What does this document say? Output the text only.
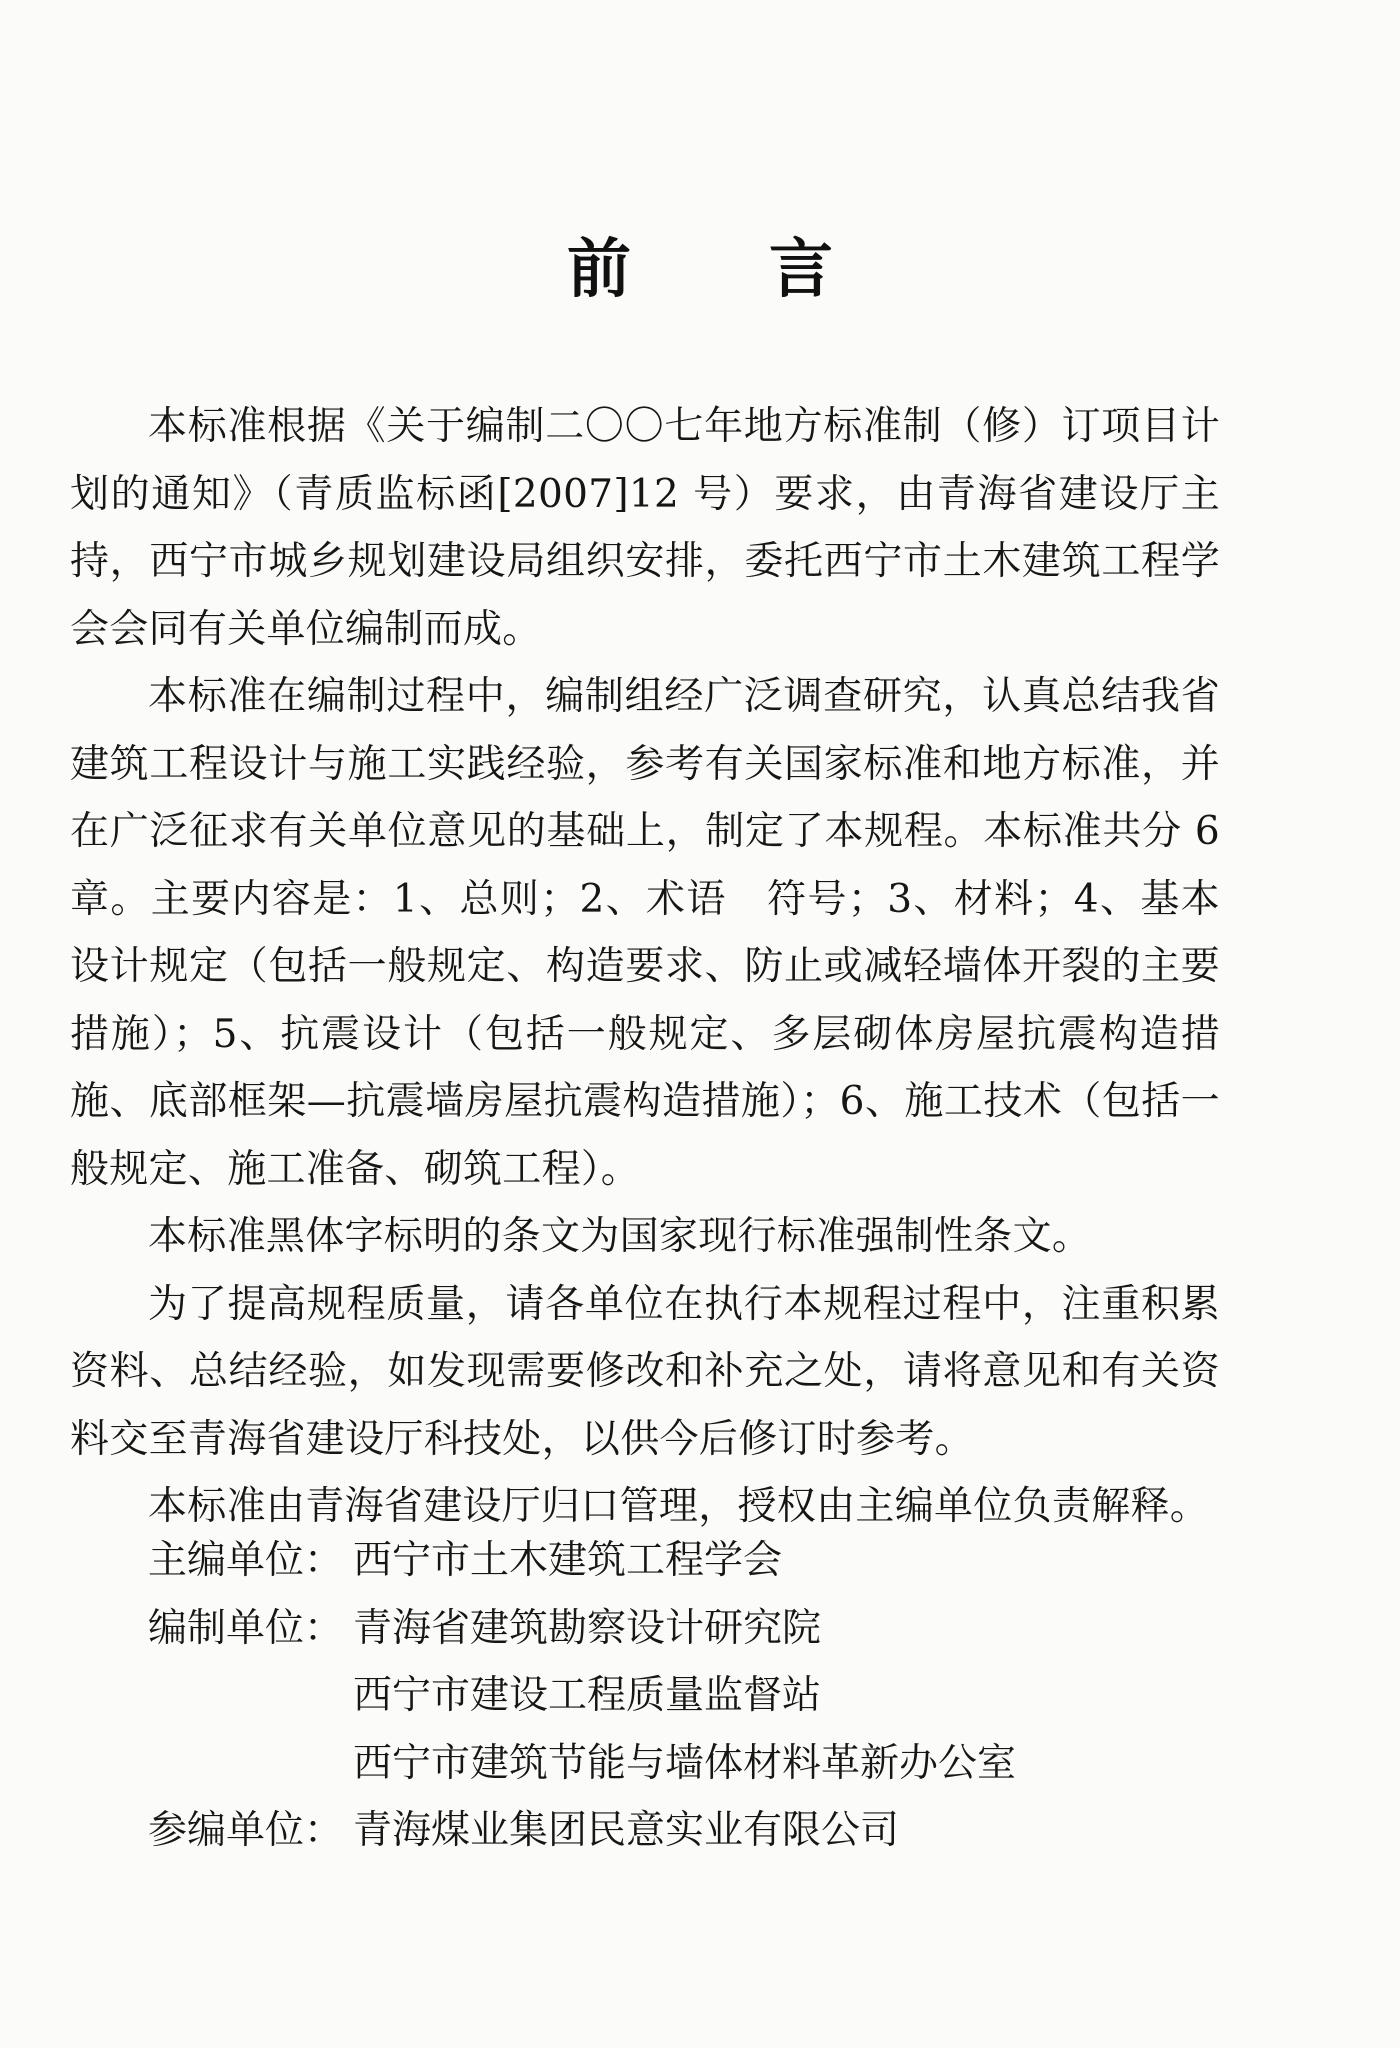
前言

本标准根据《关于编制二〇〇七年地方标准制（修）订项目计划的通知》（青质监标函[2007]12 号）要求，由青海省建设厅主持，西宁市城乡规划建设局组织安排，委托西宁市土木建筑工程学会会同有关单位编制而成。

本标准在编制过程中，编制组经广泛调查研究，认真总结我省建筑工程设计与施工实践经验，参考有关国家标准和地方标准，并在广泛征求有关单位意见的基础上，制定了本规程。本标准共分 6 章。主要内容是：1、总则；2、术语　符号；3、材料；4、基本设计规定（包括一般规定、构造要求、防止或减轻墙体开裂的主要措施）；5、抗震设计（包括一般规定、多层砌体房屋抗震构造措施、底部框架—抗震墙房屋抗震构造措施）；6、施工技术（包括一般规定、施工准备、砌筑工程）。

本标准黑体字标明的条文为国家现行标准强制性条文。

为了提高规程质量，请各单位在执行本规程过程中，注重积累资料、总结经验，如发现需要修改和补充之处，请将意见和有关资料交至青海省建设厅科技处，以供今后修订时参考。

本标准由青海省建设厅归口管理，授权由主编单位负责解释。

主编单位： 西宁市土木建筑工程学会
编制单位： 青海省建筑勘察设计研究院
西宁市建设工程质量监督站
西宁市建筑节能与墙体材料革新办公室
参编单位： 青海煤业集团民意实业有限公司
